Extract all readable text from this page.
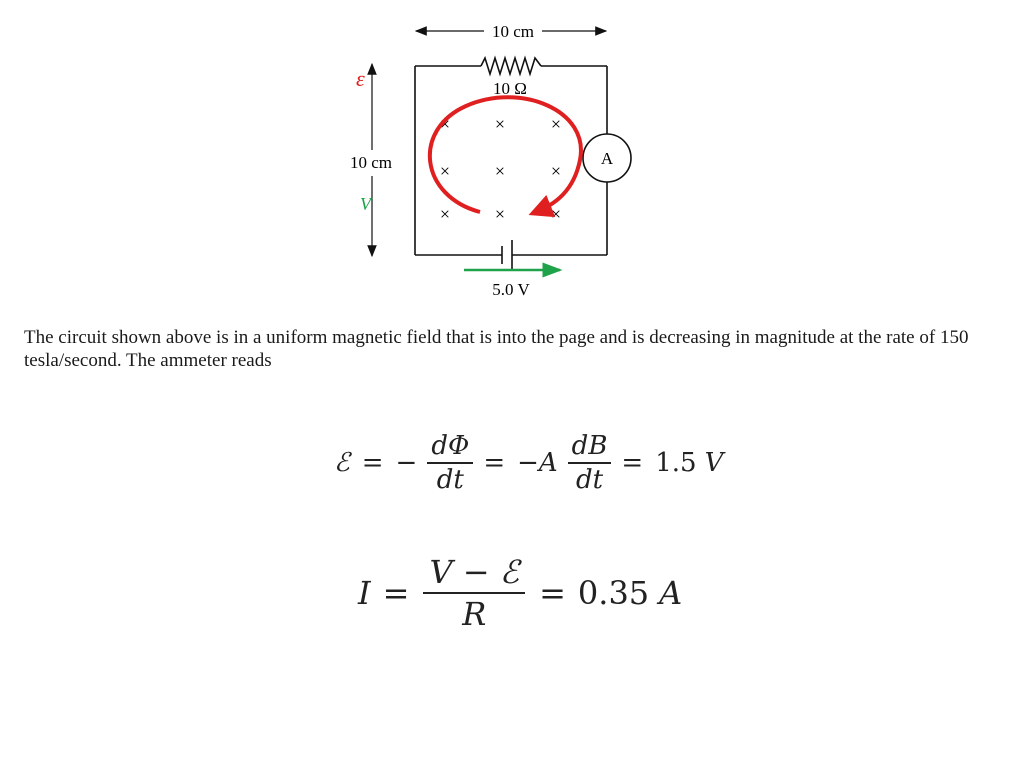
10 cm
10 Ω
A
5.0 V
10 cm
ε
V
× ×	×
× ×	×
× ×	×

The circuit shown above is in a uniform magnetic field that is into the page and is decreasing in magnitude at the rate of 150 tesla/second. The ammeter reads

ℰ = − $\frac{d\Phi}{dt} = -A \frac{dB}{dt} = 1.5$ V
$I = \frac{\text{V − ℰ}}{R} = 0.35$ A
